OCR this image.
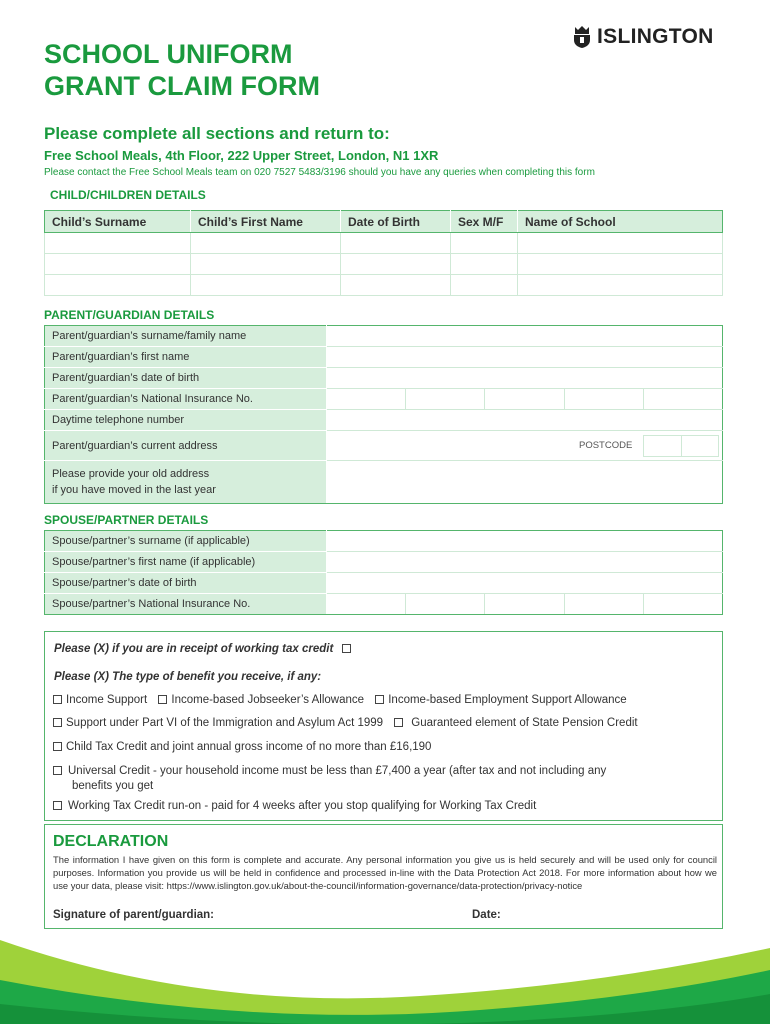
SCHOOL UNIFORM
GRANT CLAIM FORM
ISLINGTON
Please complete all sections and return to:
Free School Meals, 4th Floor, 222 Upper Street, London, N1 1XR
Please contact the Free School Meals team on 020 7527 5483/3196 should you have any queries when completing this form
CHILD/CHILDREN DETAILS
Child’s Surname	Child’s First Name	Date of Birth	Sex M/F	Name of School

PARENT/GUARDIAN DETAILS
Parent/guardian’s surname/family name	
Parent/guardian’s first name	
Parent/guardian’s date of birth	
Parent/guardian’s National Insurance No.	

Daytime telephone number	
Parent/guardian’s current address	POSTCODE

Please provide your old address
if you have moved in the last year	

SPOUSE/PARTNER DETAILS
Spouse/partner’s surname (if applicable)	
Spouse/partner’s first name (if applicable)	
Spouse/partner’s date of birth	
Spouse/partner’s National Insurance No.	
Please (X) if you are in receipt of working tax credit
Please (X) The type of benefit you receive, if any:
Income Support Income-based Jobseeker’s Allowance Income-based Employment Support Allowance
Support under Part VI of the Immigration and Asylum Act 1999 Guaranteed element of State Pension Credit
Child Tax Credit and joint annual gross income of no more than £16,190
Universal Credit - your household income must be less than £7,400 a year (after tax and not including any
benefits you get
Working Tax Credit run-on - paid for 4 weeks after you stop qualifying for Working Tax Credit
DECLARATION

The information I have given on this form is complete and accurate. Any personal information you give us is held securely and will be used only for council purposes. Information you provide us will be held in confidence and processed in-line with the Data Protection Act 2018. For more information about how we use your data, please visit: https://www.islington.gov.uk/about-the-council/information-governance/data-protection/privacy-notice

Signature of parent/guardian:	Date:
